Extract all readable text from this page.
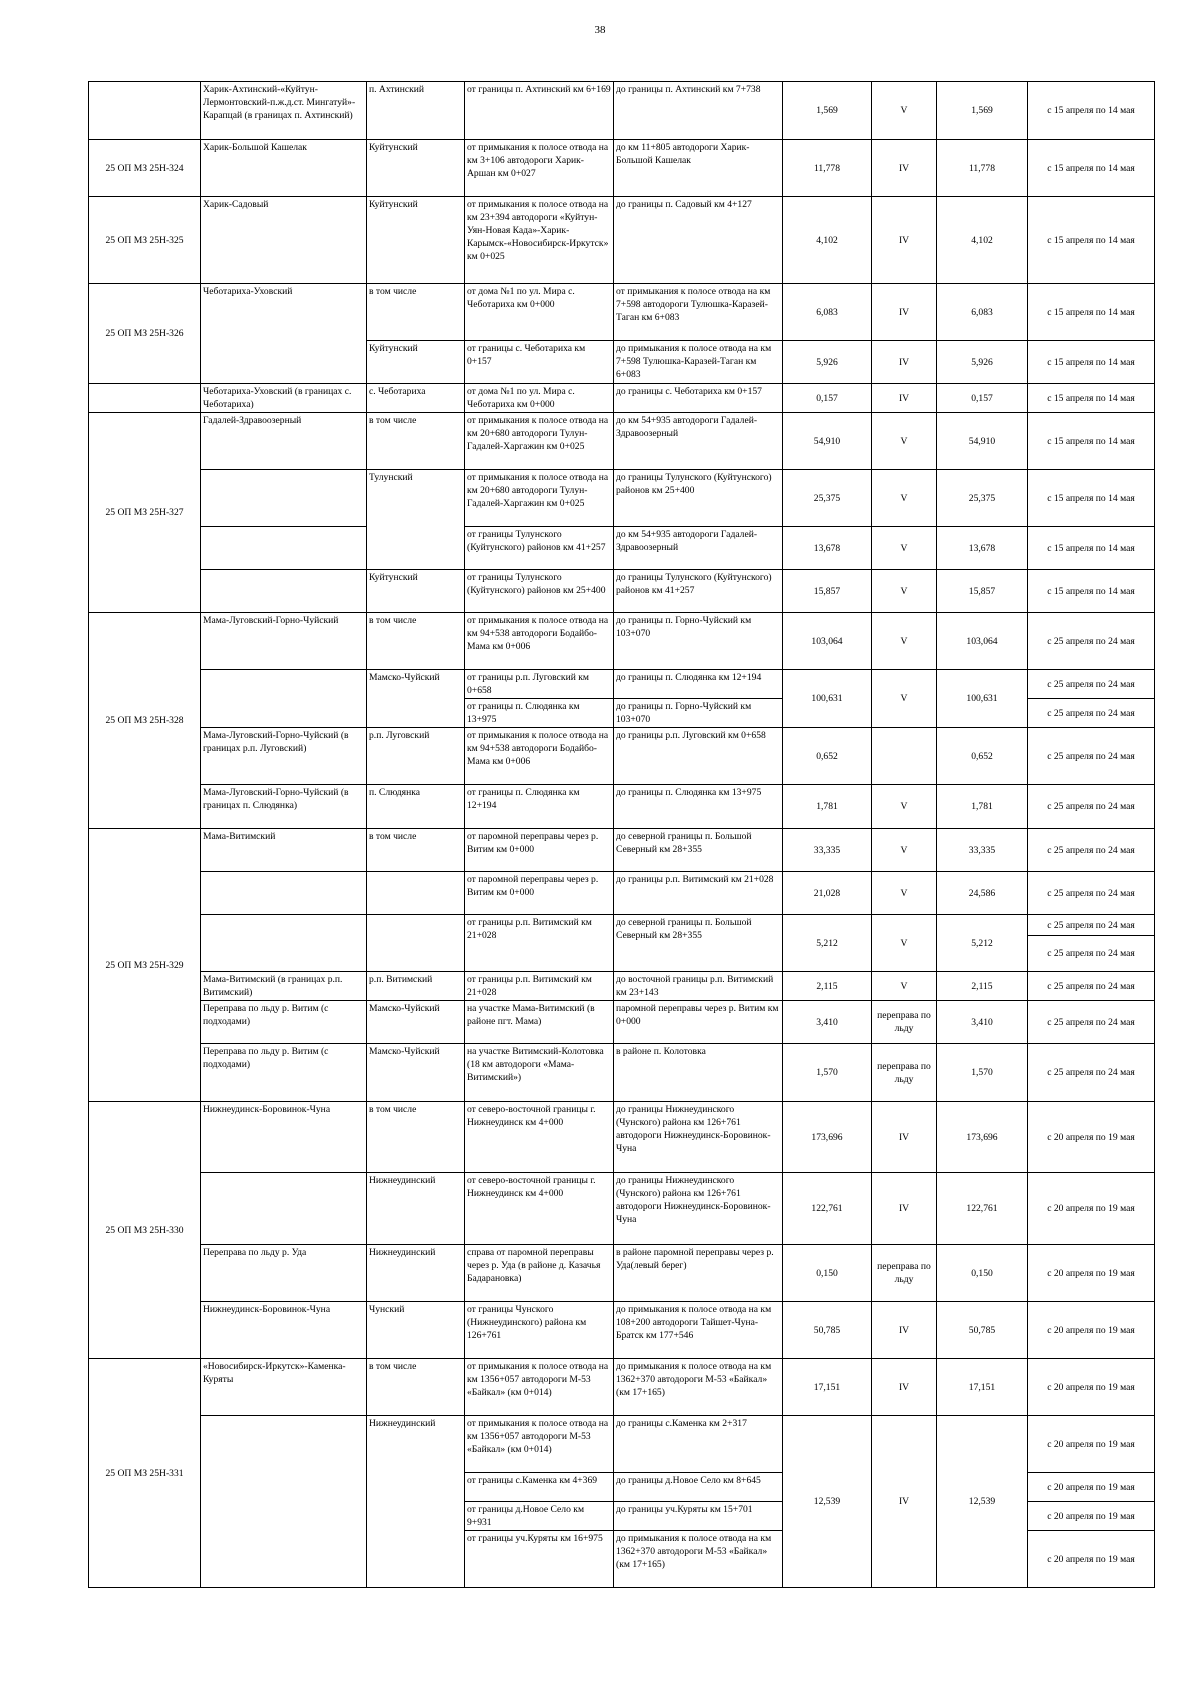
38
	Харик-Ахтинский-«Куйтун-Лермонтовский-п.ж.д.ст. Мингатуй»-Карапцай (в границах п. Ахтинский)	п. Ахтинский	от границы п. Ахтинский км 6+169	до границы п. Ахтинский км 7+738	1,569	V	1,569	с 15 апреля по 14 мая
25 ОП МЗ 25Н-324	Харик-Большой Кашелак	Куйтунский	от примыкания к полосе отвода на км 3+106 автодороги Харик-Аршан км 0+027	до км 11+805 автодороги Харик-Большой Кашелак	11,778	IV	11,778	с 15 апреля по 14 мая
25 ОП МЗ 25Н-325	Харик-Садовый	Куйтунский	от примыкания к полосе отвода на км 23+394 автодороги «Куйтун-Уян-Новая Када»-Харик-Карымск-«Новосибирск-Иркутск» км 0+025	до границы п. Садовый км 4+127	4,102	IV	4,102	с 15 апреля по 14 мая
25 ОП МЗ 25Н-326	Чеботариха-Уховский	в том числе	от дома №1 по ул. Мира с. Чеботариха км 0+000	от примыкания к полосе отвода на км 7+598 автодороги Тулюшка-Каразей-Таган км 6+083	6,083	IV	6,083	с 15 апреля по 14 мая
		Куйтунский	от границы с. Чеботариха км 0+157	до примыкания к полосе отвода на км 7+598 Тулюшка-Каразей-Таган км 6+083	5,926	IV	5,926	с 15 апреля по 14 мая
	Чеботариха-Уховский (в границах с. Чеботариха)	с. Чеботариха	от дома №1 по ул. Мира с. Чеботариха км 0+000	до границы с. Чеботариха км 0+157	0,157	IV	0,157	с 15 апреля по 14 мая
25 ОП МЗ 25Н-327	Гадалей-Здравоозерный	в том числе	от примыкания к полосе отвода на км 20+680 автодороги Тулун-Гадалей-Харгажин км 0+025	до км 54+935 автодороги Гадалей-Здравоозерный	54,910	V	54,910	с 15 апреля по 14 мая
		Тулунский	от примыкания к полосе отвода на км 20+680 автодороги Тулун-Гадалей-Харгажин км 0+025	до границы Тулунского (Куйтунского) районов км 25+400	25,375	V	25,375	с 15 апреля по 14 мая
			от границы Тулунского (Куйтунского) районов км 41+257	до км 54+935 автодороги Гадалей-Здравоозерный	13,678	V	13,678	с 15 апреля по 14 мая
		Куйтунский	от границы Тулунского (Куйтунского) районов км 25+400	до границы Тулунского (Куйтунского) районов км 41+257	15,857	V	15,857	с 15 апреля по 14 мая
25 ОП МЗ 25Н-328	Мама-Луговский-Горно-Чуйский	в том числе	от примыкания к полосе отвода на км 94+538 автодороги Бодайбо-Мама км 0+006	до границы п. Горно-Чуйский км 103+070	103,064	V	103,064	с 25 апреля по 24 мая
		Мамско-Чуйский	от границы р.п. Луговский км 0+658	до границы п. Слюдянка км 12+194	100,631	V	100,631	с 25 апреля по 24 мая
			от границы п. Слюдянка км 13+975	до границы п. Горно-Чуйский км 103+070				с 25 апреля по 24 мая
	Мама-Луговский-Горно-Чуйский (в границах р.п. Луговский)	р.п. Луговский	от примыкания к полосе отвода на км 94+538 автодороги Бодайбо-Мама км 0+006	до границы р.п. Луговский км 0+658	0,652		0,652	с 25 апреля по 24 мая
	Мама-Луговский-Горно-Чуйский (в границах п. Слюдянка)	п. Слюдянка	от границы п. Слюдянка км 12+194	до границы п. Слюдянка км 13+975	1,781	V	1,781	с 25 апреля по 24 мая
25 ОП МЗ 25Н-329	Мама-Витимский	в том числе	от паромной переправы через р. Витим км 0+000	до северной границы п. Большой Северный км 28+355	33,335	V	33,335	с 25 апреля по 24 мая
			от паромной переправы через р. Витим км 0+000	до границы р.п. Витимский км 21+028	21,028	V	24,586	с 25 апреля по 24 мая
			от границы р.п. Витимский км 21+028	до северной границы п. Большой Северный км 28+355	5,212	V	5,212	с 25 апреля по 24 мая
								с 25 апреля по 24 мая
	Мама-Витимский (в границах р.п. Витимский)	р.п. Витимский	от границы р.п. Витимский км 21+028	до восточной границы р.п. Витимский км 23+143	2,115	V	2,115	с 25 апреля по 24 мая
	Переправа по льду р. Витим (с подходами)	Мамско-Чуйский	на участке Мама-Витимский (в районе пгт. Мама)	паромной переправы через р. Витим км 0+000	3,410	переправа по льду	3,410	с 25 апреля по 24 мая
	Переправа по льду р. Витим (с подходами)	Мамско-Чуйский	на участке Витимский-Колотовка (18 км автодороги «Мама-Витимский»)	в районе п. Колотовка	1,570	переправа по льду	1,570	с 25 апреля по 24 мая
25 ОП МЗ 25Н-330	Нижнеудинск-Боровинок-Чуна	в том числе	от северо-восточной границы г. Нижнеудинск км 4+000	до границы Нижнеудинского (Чунского) района км 126+761 автодороги Нижнеудинск-Боровинок-Чуна	173,696	IV	173,696	с 20 апреля по 19 мая
		Нижнеудинский	от северо-восточной границы г. Нижнеудинск км 4+000	до границы Нижнеудинского (Чунского) района км 126+761 автодороги Нижнеудинск-Боровинок-Чуна	122,761	IV	122,761	с 20 апреля по 19 мая
	Переправа по льду р. Уда	Нижнеудинский	справа от паромной переправы через р. Уда (в районе д. Казачья Бадарановка)	в районе паромной переправы через р. Уда(левый берег)	0,150	переправа по льду	0,150	с 20 апреля по 19 мая
	Нижнеудинск-Боровинок-Чуна	Чунский	от границы Чунского (Нижнеудинского) района км 126+761	до примыкания к полосе отвода на км 108+200 автодороги Тайшет-Чуна-Братск км 177+546	50,785	IV	50,785	с 20 апреля по 19 мая
25 ОП МЗ 25Н-331	«Новосибирск-Иркутск»-Каменка-Куряты	в том числе	от примыкания к полосе отвода на км 1356+057 автодороги М-53 «Байкал» (км 0+014)	до примыкания к полосе отвода на км 1362+370 автодороги М-53 «Байкал» (км 17+165)	17,151	IV	17,151	с 20 апреля по 19 мая
		Нижнеудинский	от примыкания к полосе отвода на км 1356+057 автодороги М-53 «Байкал» (км 0+014)	до границы с.Каменка км 2+317	12,539	IV	12,539	с 20 апреля по 19 мая
			от границы с.Каменка км 4+369	до границы д.Новое Село км 8+645				с 20 апреля по 19 мая
			от границы д.Новое Село км 9+931	до границы уч.Куряты км 15+701				с 20 апреля по 19 мая
			от границы уч.Куряты км 16+975	до примыкания к полосе отвода на км 1362+370 автодороги М-53 «Байкал» (км 17+165)				с 20 апреля по 19 мая
